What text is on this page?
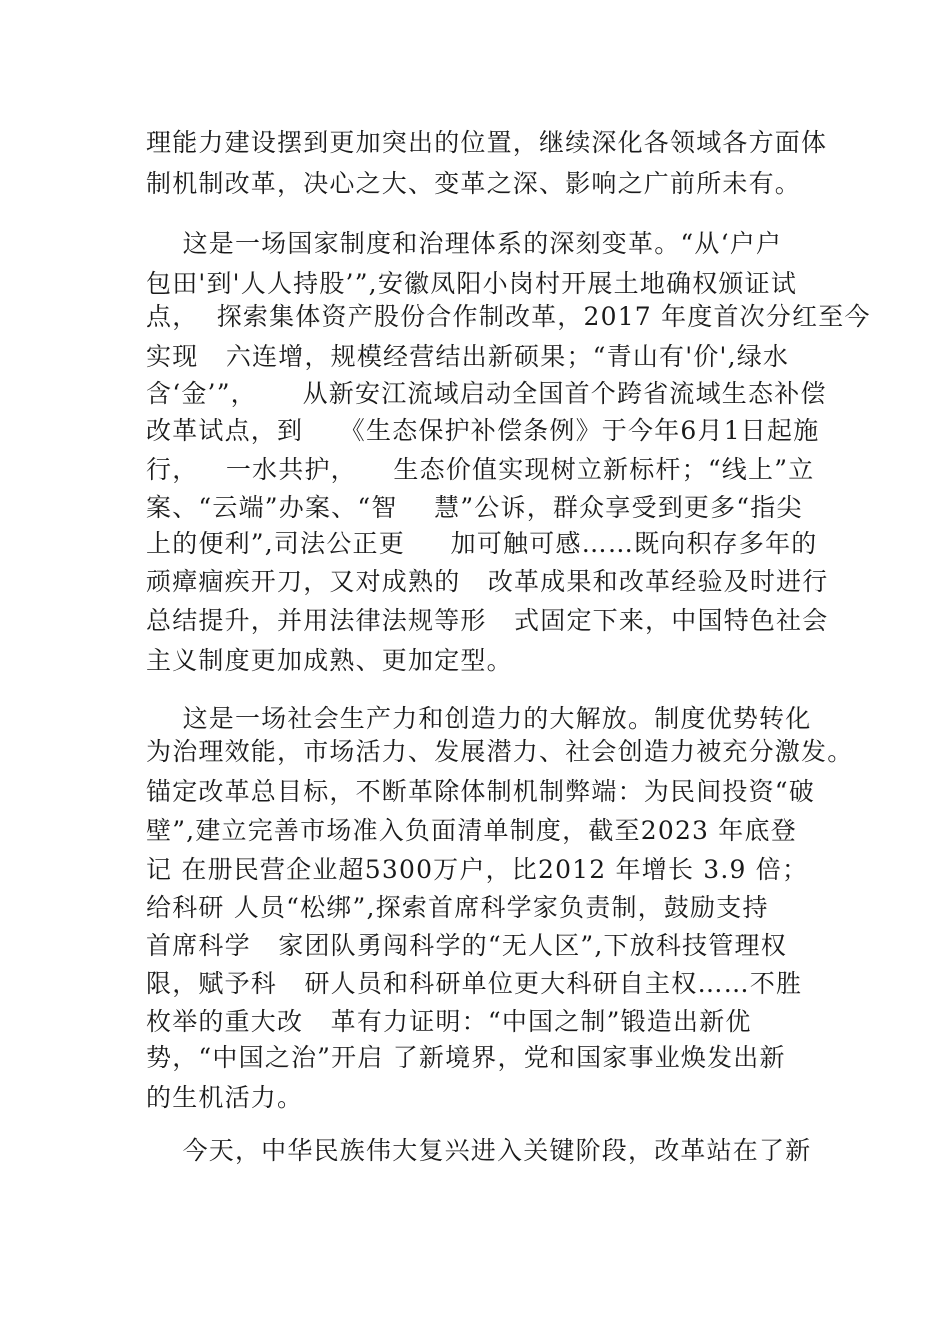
理能力建设摆到更加突出的位置，继续深化各领域各方面体
制机制改革，决心之大、变革之深、影响之广前所未有。
这是一场国家制度和治理体系的深刻变革。“从‘户户
包田'到'人人持股’”,安徽凤阳小岗村开展土地确权颁证试
点，  探索集体资产股份合作制改革，2017 年度首次分红至今
实现   六连增，规模经营结出新硕果；“青山有'价',绿水
含‘金’”，     从新安江流域启动全国首个跨省流域生态补偿
改革试点，到    《生态保护补偿条例》于今年6月1日起施
行，   一水共护，    生态价值实现树立新标杆；“线上”立
案、“云端”办案、“智    慧”公诉，群众享受到更多“指尖
上的便利”,司法公正更     加可触可感……既向积存多年的
顽瘴痼疾开刀，又对成熟的   改革成果和改革经验及时进行
总结提升，并用法律法规等形   式固定下来，中国特色社会
主义制度更加成熟、更加定型。
这是一场社会生产力和创造力的大解放。制度优势转化
为治理效能，市场活力、发展潜力、社会创造力被充分激发。
锚定改革总目标，不断革除体制机制弊端：为民间投资“破
壁”,建立完善市场准入负面清单制度，截至2023 年底登
记 在册民营企业超5300万户，比2012 年增长 3.9 倍；
给科研 人员“松绑”,探索首席科学家负责制，鼓励支持
首席科学   家团队勇闯科学的“无人区”,下放科技管理权
限，赋予科   研人员和科研单位更大科研自主权……不胜
枚举的重大改   革有力证明：“中国之制”锻造出新优
势，“中国之治”开启 了新境界，党和国家事业焕发出新
的生机活力。
今天，中华民族伟大复兴进入关键阶段，改革站在了新
